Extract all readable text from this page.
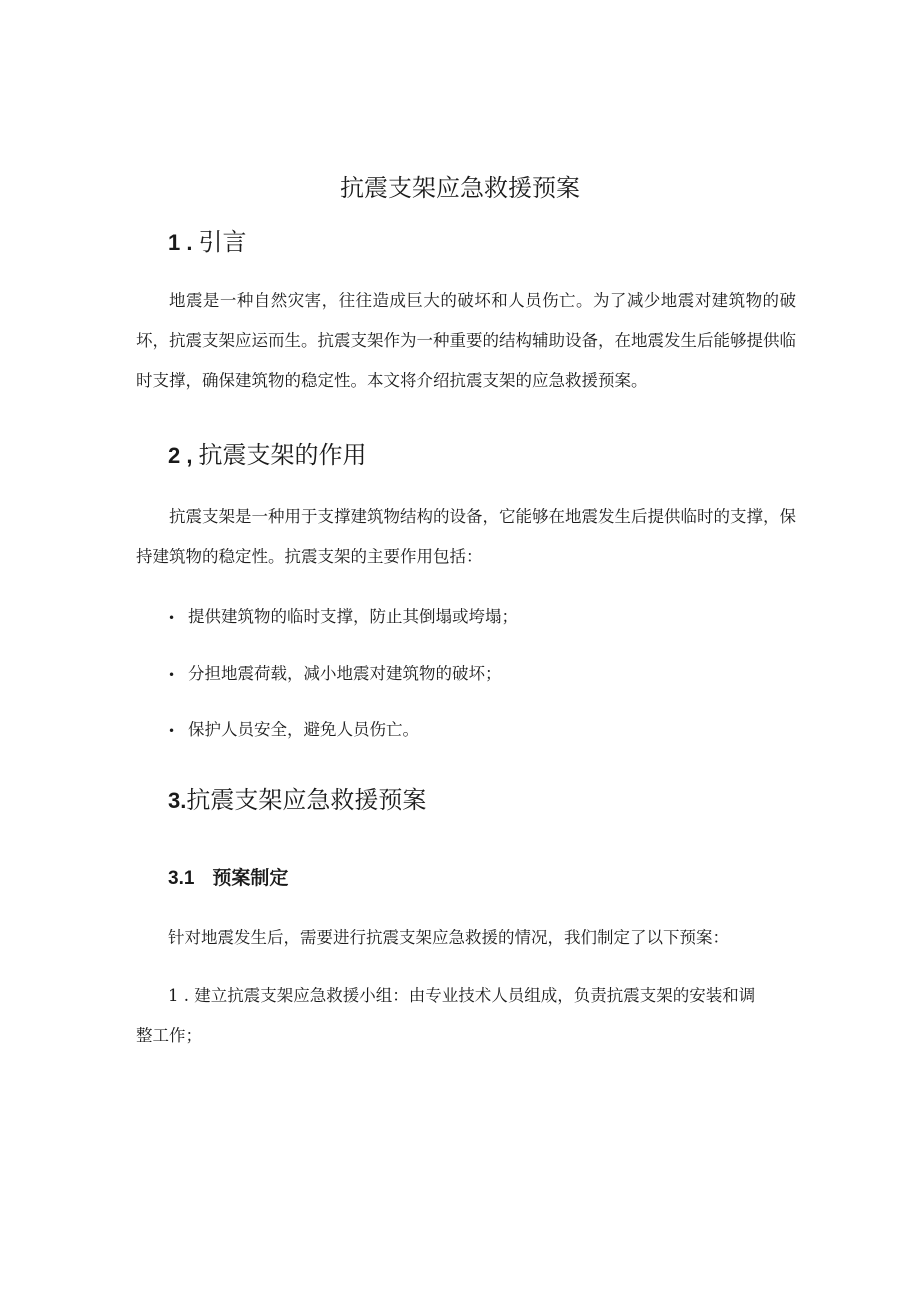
抗震支架应急救援预案
1 . 引言
地震是一种自然灾害，往往造成巨大的破坏和人员伤亡。为了减少地震对建筑物的破坏，抗震支架应运而生。抗震支架作为一种重要的结构辅助设备，在地震发生后能够提供临时支撑，确保建筑物的稳定性。本文将介绍抗震支架的应急救援预案。
2 , 抗震支架的作用
抗震支架是一种用于支撑建筑物结构的设备，它能够在地震发生后提供临时的支撑，保持建筑物的稳定性。抗震支架的主要作用包括：
• 提供建筑物的临时支撑，防止其倒塌或垮塌；
• 分担地震荷载，减小地震对建筑物的破坏；
• 保护人员安全，避免人员伤亡。
3.抗震支架应急救援预案
3.1 预案制定
针对地震发生后，需要进行抗震支架应急救援的情况，我们制定了以下预案：
1 . 建立抗震支架应急救援小组：由专业技术人员组成，负责抗震支架的安装和调
整工作；
